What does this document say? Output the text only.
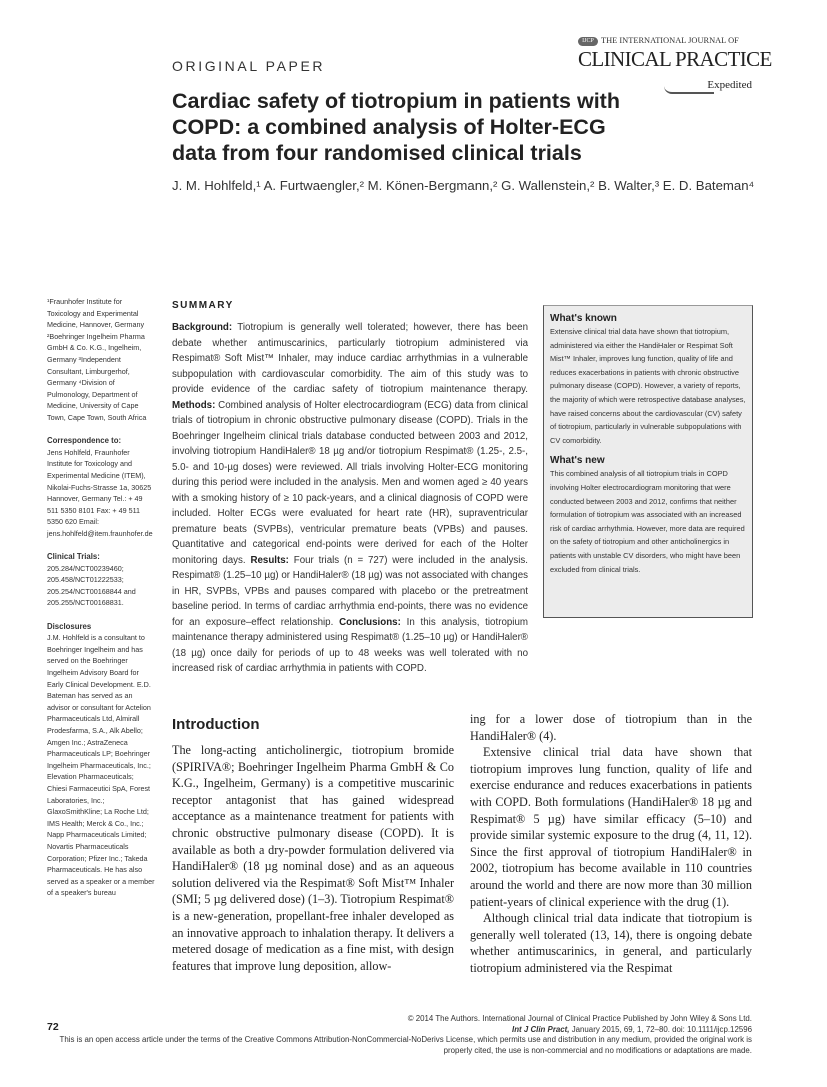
ORIGINAL PAPER
IJCP THE INTERNATIONAL JOURNAL OF
CLINICAL PRACTICE
Expedited
Cardiac safety of tiotropium in patients with COPD: a combined analysis of Holter-ECG data from four randomised clinical trials
J. M. Hohlfeld,¹ A. Furtwaengler,² M. Könen-Bergmann,² G. Wallenstein,² B. Walter,³ E. D. Bateman⁴

¹Fraunhofer Institute for Toxicology and Experimental Medicine, Hannover, Germany ²Boehringer Ingelheim Pharma GmbH & Co. K.G., Ingelheim, Germany ³Independent Consultant, Limburgerhof, Germany ⁴Division of Pulmonology, Department of Medicine, University of Cape Town, Cape Town, South Africa

Correspondence to:

Jens Hohlfeld, Fraunhofer Institute for Toxicology and Experimental Medicine (ITEM), Nikolai-Fuchs-Strasse 1a, 30625 Hannover, Germany Tel.: + 49 511 5350 8101 Fax: + 49 511 5350 620 Email: jens.hohlfeld@item.fraunhofer.de

Clinical Trials:

205.284/NCT00239460; 205.458/NCT01222533; 205.254/NCT00168844 and 205.255/NCT00168831.

Disclosures

J.M. Hohlfeld is a consultant to Boehringer Ingelheim and has served on the Boehringer Ingelheim Advisory Board for Early Clinical Development. E.D. Bateman has served as an advisor or consultant for Actelion Pharmaceuticals Ltd, Almirall Prodesfarma, S.A., Alk Abello; Amgen Inc.; AstraZeneca Pharmaceuticals LP; Boehringer Ingelheim Pharmaceuticals, Inc.; Elevation Pharmaceuticals; Chiesi Farmaceutici SpA, Forest Laboratories, Inc.; GlaxoSmithKline; La Roche Ltd; IMS Health; Merck & Co., Inc.; Napp Pharmaceuticals Limited; Novartis Pharmaceuticals Corporation; Pfizer Inc.; Takeda Pharmaceuticals. He has also served as a speaker or a member of a speaker's bureau

SUMMARY
Background: Tiotropium is generally well tolerated; however, there has been debate whether antimuscarinics, particularly tiotropium administered via Respimat® Soft Mist™ Inhaler, may induce cardiac arrhythmias in a vulnerable subpopulation with cardiovascular comorbidity. The aim of this study was to provide evidence of the cardiac safety of tiotropium maintenance therapy. Methods: Combined analysis of Holter electrocardiogram (ECG) data from clinical trials of tiotropium in chronic obstructive pulmonary disease (COPD). Trials in the Boehringer Ingelheim clinical trials database conducted between 2003 and 2012, involving tiotropium HandiHaler® 18 µg and/or tiotropium Respimat® (1.25-, 2.5-, 5.0- and 10-µg doses) were reviewed. All trials involving Holter-ECG monitoring during this period were included in the analysis. Men and women aged ≥ 40 years with a smoking history of ≥ 10 pack-years, and a clinical diagnosis of COPD were included. Holter ECGs were evaluated for heart rate (HR), supraventricular premature beats (SVPBs), ventricular premature beats (VPBs) and pauses. Quantitative and categorical end-points were derived for each of the Holter monitoring days. Results: Four trials (n = 727) were included in the analysis. Respimat® (1.25–10 µg) or HandiHaler® (18 µg) was not associated with changes in HR, SVPBs, VPBs and pauses compared with placebo or the pretreatment baseline period. In terms of cardiac arrhythmia end-points, there was no evidence for an exposure–effect relationship. Conclusions: In this analysis, tiotropium maintenance therapy administered using Respimat® (1.25–10 µg) or HandiHaler® (18 µg) once daily for periods of up to 48 weeks was well tolerated with no increased risk of cardiac arrhythmia in patients with COPD.
What's known

Extensive clinical trial data have shown that tiotropium, administered via either the HandiHaler or Respimat Soft Mist™ Inhaler, improves lung function, quality of life and reduces exacerbations in patients with chronic obstructive pulmonary disease (COPD). However, a variety of reports, the majority of which were retrospective database analyses, have raised concerns about the cardiovascular (CV) safety of tiotropium, particularly in vulnerable subpopulations with CV comorbidity.

What's new

This combined analysis of all tiotropium trials in COPD involving Holter electrocardiogram monitoring that were conducted between 2003 and 2012, confirms that neither formulation of tiotropium was associated with an increased risk of cardiac arrhythmia. However, more data are required on the safety of tiotropium and other anticholinergics in patients with unstable CV disorders, who might have been excluded from clinical trials.

Introduction

The long-acting anticholinergic, tiotropium bromide (SPIRIVA®; Boehringer Ingelheim Pharma GmbH & Co K.G., Ingelheim, Germany) is a competitive muscarinic receptor antagonist that has gained widespread acceptance as a maintenance treatment for patients with chronic obstructive pulmonary disease (COPD). It is available as both a dry-powder formulation delivered via HandiHaler® (18 µg nominal dose) and as an aqueous solution delivered via the Respimat® Soft Mist™ Inhaler (SMI; 5 µg delivered dose) (1–3). Tiotropium Respimat® is a new-generation, propellant-free inhaler developed as an innovative approach to inhalation therapy. It delivers a metered dosage of medication as a fine mist, with design features that improve lung deposition, allow-

ing for a lower dose of tiotropium than in the HandiHaler® (4).

Extensive clinical trial data have shown that tiotropium improves lung function, quality of life and exercise endurance and reduces exacerbations in patients with COPD. Both formulations (HandiHaler® 18 µg and Respimat® 5 µg) have similar efficacy (5–10) and provide similar systemic exposure to the drug (4, 11, 12). Since the first approval of tiotropium HandiHaler® in 2002, tiotropium has become available in 110 countries around the world and there are now more than 30 million patient-years of clinical experience with the drug (1).

Although clinical trial data indicate that tiotropium is generally well tolerated (13, 14), there is ongoing debate whether antimuscarinics, in general, and particularly tiotropium administered via the Respimat

72
© 2014 The Authors. International Journal of Clinical Practice Published by John Wiley & Sons Ltd.
Int J Clin Pract, January 2015, 69, 1, 72–80. doi: 10.1111/ijcp.12596
This is an open access article under the terms of the Creative Commons Attribution-NonCommercial-NoDerivs License, which permits use and distribution in any medium, provided the original work is properly cited, the use is non-commercial and no modifications or adaptations are made.
